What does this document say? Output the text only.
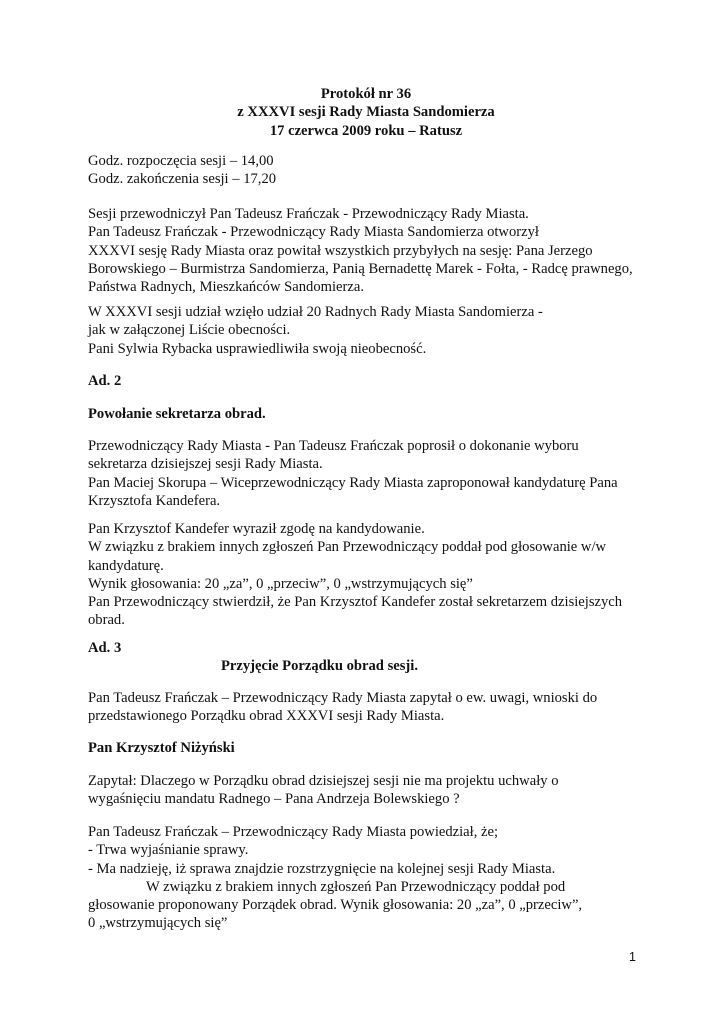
Protokół nr 36
z XXXVI sesji Rady Miasta Sandomierza
17 czerwca 2009 roku – Ratusz
Godz. rozpoczęcia sesji – 14,00
Godz. zakończenia sesji – 17,20
Sesji przewodniczył Pan Tadeusz Frańczak - Przewodniczący Rady Miasta.
Pan Tadeusz Frańczak - Przewodniczący Rady Miasta Sandomierza otworzył
XXXVI sesję Rady Miasta oraz powitał wszystkich przybyłych na sesję: Pana Jerzego
Borowskiego – Burmistrza Sandomierza, Panią Bernadettę Marek - Fołta, - Radcę prawnego,
Państwa Radnych, Mieszkańców Sandomierza.
W XXXVI sesji udział wzięło udział 20 Radnych Rady Miasta Sandomierza -
jak w załączonej Liście obecności.
Pani Sylwia Rybacka usprawiedliwiła swoją nieobecność.
Ad. 2
Powołanie sekretarza obrad.
Przewodniczący Rady Miasta - Pan Tadeusz Frańczak poprosił o dokonanie wyboru
sekretarza dzisiejszej sesji Rady Miasta.
Pan Maciej Skorupa – Wiceprzewodniczący Rady Miasta zaproponował kandydaturę Pana
Krzysztofa Kandefera.
Pan Krzysztof Kandefer wyraził zgodę na kandydowanie.
W związku z brakiem innych zgłoszeń Pan Przewodniczący poddał pod głosowanie w/w
kandydaturę.
Wynik głosowania: 20 „za”, 0 „przeciw”, 0 „wstrzymujących się”
Pan Przewodniczący stwierdził, że Pan Krzysztof Kandefer został sekretarzem dzisiejszych
obrad.
Ad. 3
Przyjęcie Porządku obrad sesji.
Pan Tadeusz Frańczak – Przewodniczący Rady Miasta zapytał o ew. uwagi, wnioski do
przedstawionego Porządku obrad XXXVI sesji Rady Miasta.
Pan Krzysztof Niżyński
Zapytał: Dlaczego w Porządku obrad dzisiejszej sesji nie ma projektu uchwały o
wygaśnięciu mandatu Radnego – Pana Andrzeja Bolewskiego ?
Pan Tadeusz Frańczak – Przewodniczący Rady Miasta powiedział, że;
- Trwa wyjaśnianie sprawy.
- Ma nadzieję, iż sprawa znajdzie rozstrzygnięcie na kolejnej sesji Rady Miasta.
W związku z brakiem innych zgłoszeń Pan Przewodniczący poddał pod
głosowanie proponowany Porządek obrad. Wynik głosowania: 20 „za”, 0 „przeciw”,
0 „wstrzymujących się”
1
